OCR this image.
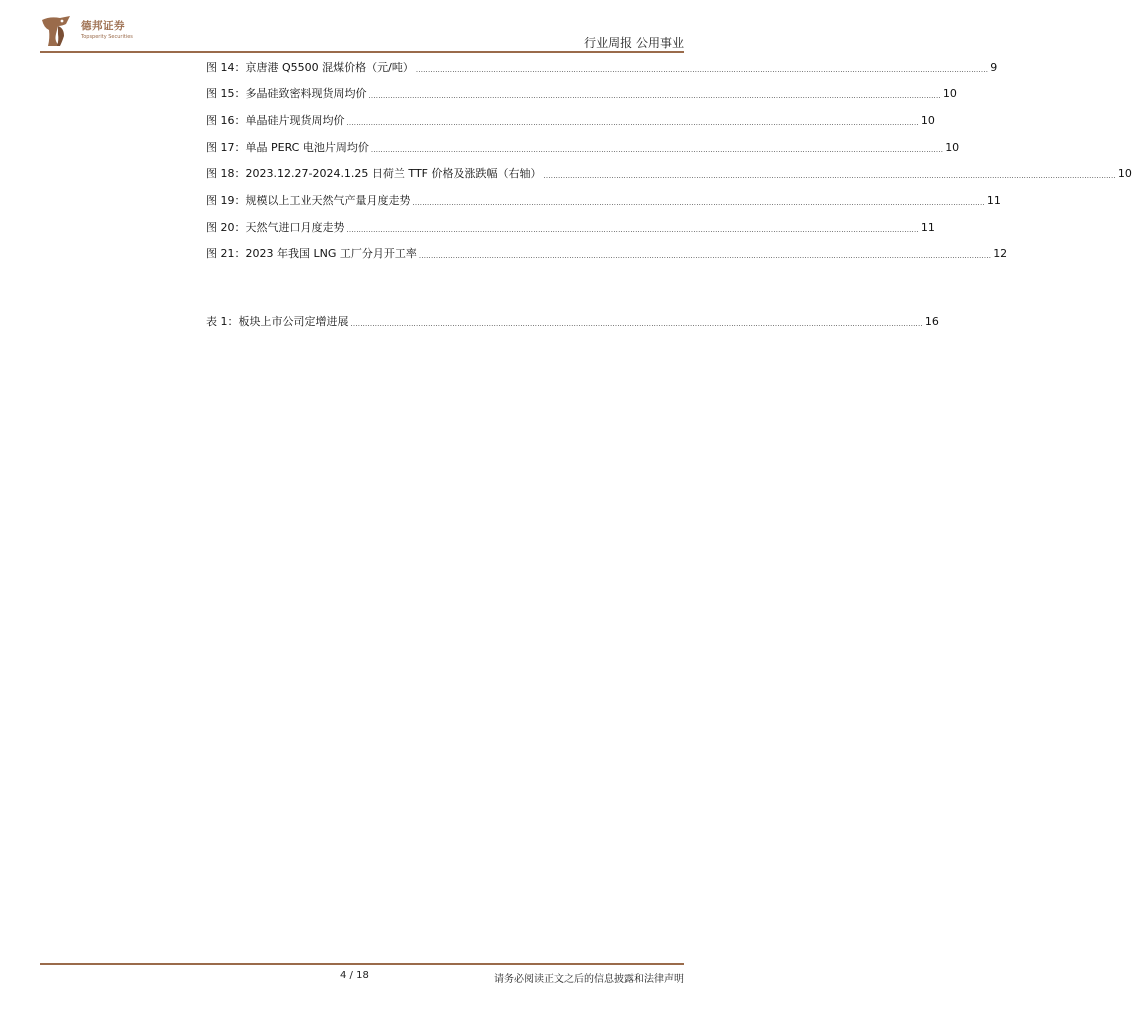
德邦证券
Topsperity Securities	行业周报 公用事业
图 14：京唐港 Q5500 混煤价格（元/吨） ............................................................................................................................................................................................................................................ 9
图 15：多晶硅致密料现货周均价 ............................................................................................................................................................................................................................................ 10
图 16：单晶硅片现货周均价 ............................................................................................................................................................................................................................................ 10
图 17：单晶 PERC 电池片周均价 ............................................................................................................................................................................................................................................ 10
图 18：2023.12.27-2024.1.25 日荷兰 TTF 价格及涨跌幅（右轴） ............................................................................................................................................................................................................................................ 10
图 19：规模以上工业天然气产量月度走势 ............................................................................................................................................................................................................................................ 11
图 20：天然气进口月度走势 ............................................................................................................................................................................................................................................ 11
图 21：2023 年我国 LNG 工厂分月开工率 ............................................................................................................................................................................................................................................ 12
表 1：板块上市公司定增进展 ............................................................................................................................................................................................................................................ 16
4 / 18	请务必阅读正文之后的信息披露和法律声明
